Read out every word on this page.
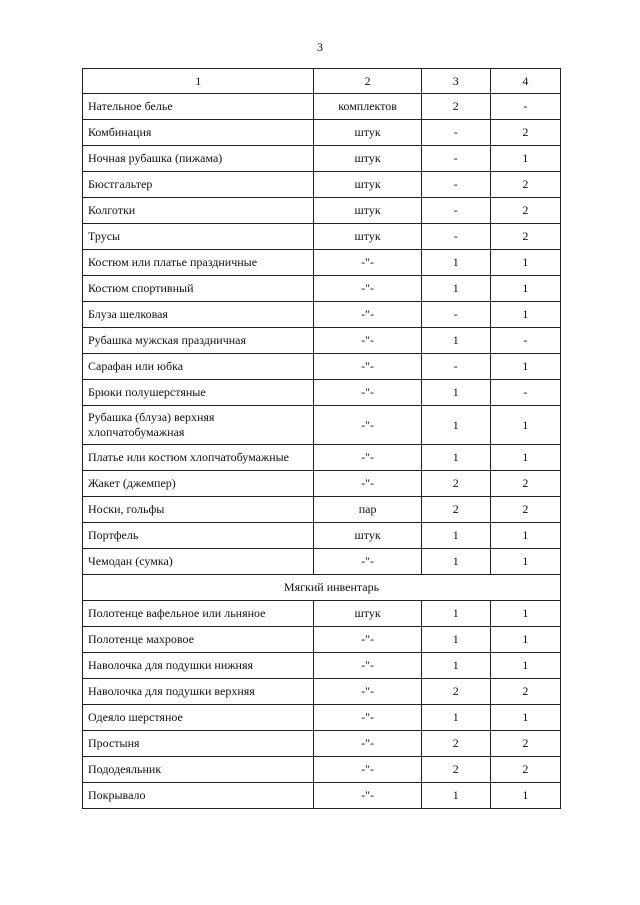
3
1	2	3	4
Нательное белье	комплектов	2	-
Комбинация	штук	-	2
Ночная рубашка (пижама)	штук	-	1
Бюстгальтер	штук	-	2
Колготки	штук	-	2
Трусы	штук	-	2
Костюм или платье праздничные	-"-	1	1
Костюм спортивный	-"-	1	1
Блуза шелковая	-"-	-	1
Рубашка мужская праздничная	-"-	1	-
Сарафан или юбка	-"-	-	1
Брюки полушерстяные	-"-	1	-
Рубашка (блуза) верхняя хлопчатобумажная	-"-	1	1
Платье или костюм хлопчатобумажные	-"-	1	1
Жакет (джемпер)	-"-	2	2
Носки, гольфы	пар	2	2
Портфель	штук	1	1
Чемодан (сумка)	-"-	1	1
Мягкий инвентарь			
Полотенце вафельное или льняное	штук	1	1
Полотенце махровое	-"-	1	1
Наволочка для подушки нижняя	-"-	1	1
Наволочка для подушки верхняя	-"-	2	2
Одеяло шерстяное	-"-	1	1
Простыня	-"-	2	2
Пододеяльник	-"-	2	2
Покрывало	-"-	1	1
